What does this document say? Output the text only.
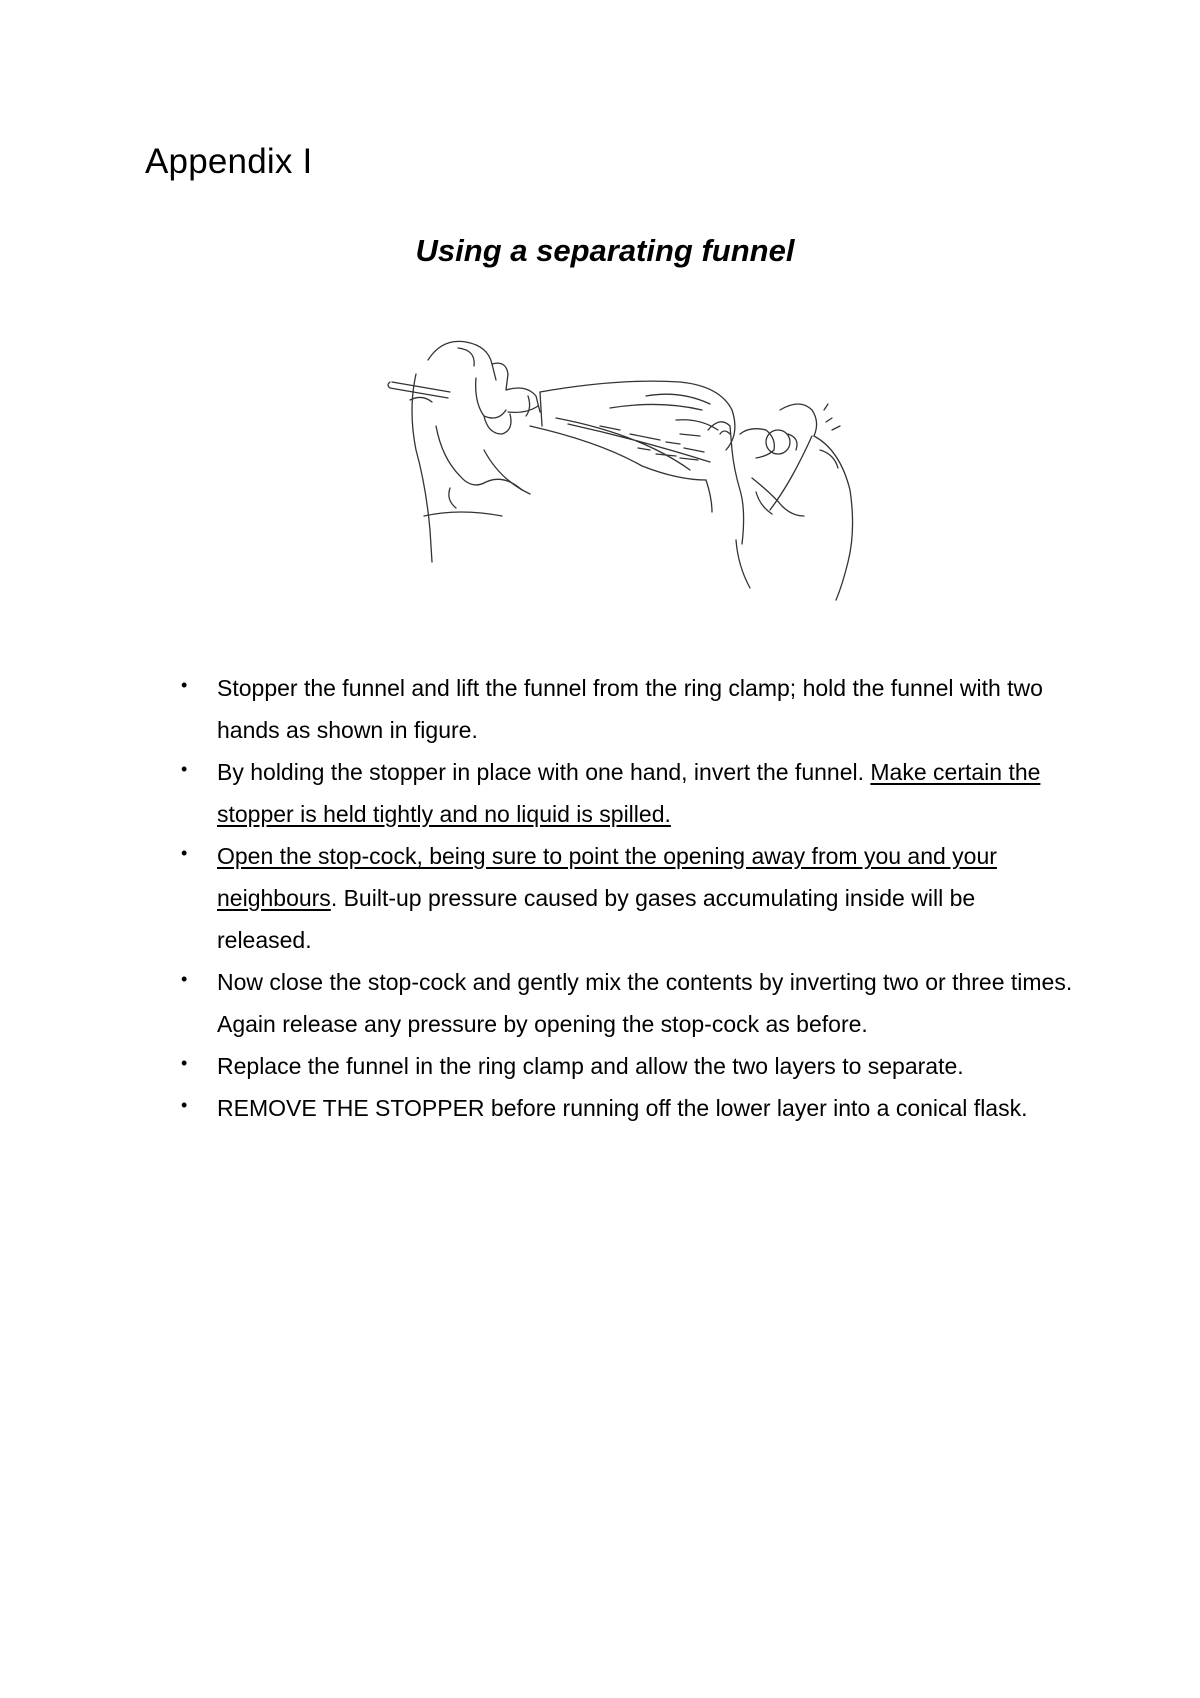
Appendix I
Using a separating funnel
• Stopper the funnel and lift the funnel from the ring clamp; hold the funnel with two hands as shown in figure.
• By holding the stopper in place with one hand, invert the funnel. Make certain the stopper is held tightly and no liquid is spilled.
• Open the stop-cock, being sure to point the opening away from you and your neighbours. Built-up pressure caused by gases accumulating inside will be released.
• Now close the stop-cock and gently mix the contents by inverting two or three times. Again release any pressure by opening the stop-cock as before.
• Replace the funnel in the ring clamp and allow the two layers to separate.
• REMOVE THE STOPPER before running off the lower layer into a conical flask.
